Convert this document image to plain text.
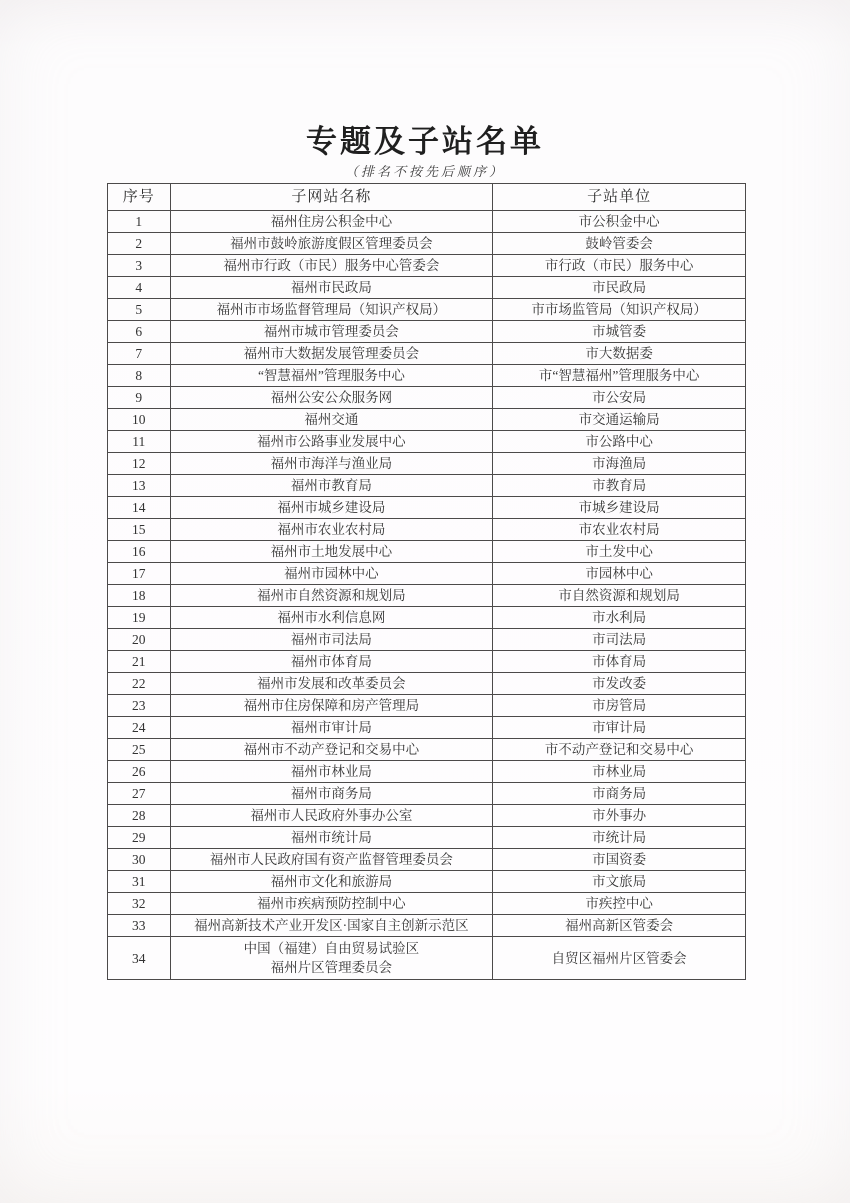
专题及子站名单
（排名不按先后顺序）
序号	子网站名称	子站单位
1	福州住房公积金中心	市公积金中心
2	福州市鼓岭旅游度假区管理委员会	鼓岭管委会
3	福州市行政（市民）服务中心管委会	市行政（市民）服务中心
4	福州市民政局	市民政局
5	福州市市场监督管理局（知识产权局）	市市场监管局（知识产权局）
6	福州市城市管理委员会	市城管委
7	福州市大数据发展管理委员会	市大数据委
8	“智慧福州”管理服务中心	市“智慧福州”管理服务中心
9	福州公安公众服务网	市公安局
10	福州交通	市交通运输局
11	福州市公路事业发展中心	市公路中心
12	福州市海洋与渔业局	市海渔局
13	福州市教育局	市教育局
14	福州市城乡建设局	市城乡建设局
15	福州市农业农村局	市农业农村局
16	福州市土地发展中心	市土发中心
17	福州市园林中心	市园林中心
18	福州市自然资源和规划局	市自然资源和规划局
19	福州市水利信息网	市水利局
20	福州市司法局	市司法局
21	福州市体育局	市体育局
22	福州市发展和改革委员会	市发改委
23	福州市住房保障和房产管理局	市房管局
24	福州市审计局	市审计局
25	福州市不动产登记和交易中心	市不动产登记和交易中心
26	福州市林业局	市林业局
27	福州市商务局	市商务局
28	福州市人民政府外事办公室	市外事办
29	福州市统计局	市统计局
30	福州市人民政府国有资产监督管理委员会	市国资委
31	福州市文化和旅游局	市文旅局
32	福州市疾病预防控制中心	市疾控中心
33	福州高新技术产业开发区·国家自主创新示范区	福州高新区管委会
34	中国（福建）自由贸易试验区
福州片区管理委员会	自贸区福州片区管委会
